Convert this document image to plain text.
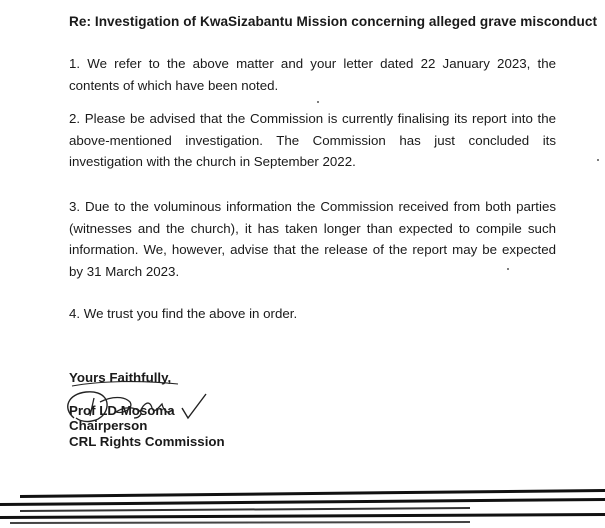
Re: Investigation of KwaSizabantu Mission concerning alleged grave misconduct
1. We refer to the above matter and your letter dated 22 January 2023, the contents of which have been noted.
2. Please be advised that the Commission is currently finalising its report into the above-mentioned investigation. The Commission has just concluded its investigation with the church in September 2022.
3. Due to the voluminous information the Commission received from both parties (witnesses and the church), it has taken longer than expected to compile such information. We, however, advise that the release of the report may be expected by 31 March 2023.
4. We trust you find the above in order.
Yours Faithfully,
Prof LD Mosoma
Chairperson
CRL Rights Commission
